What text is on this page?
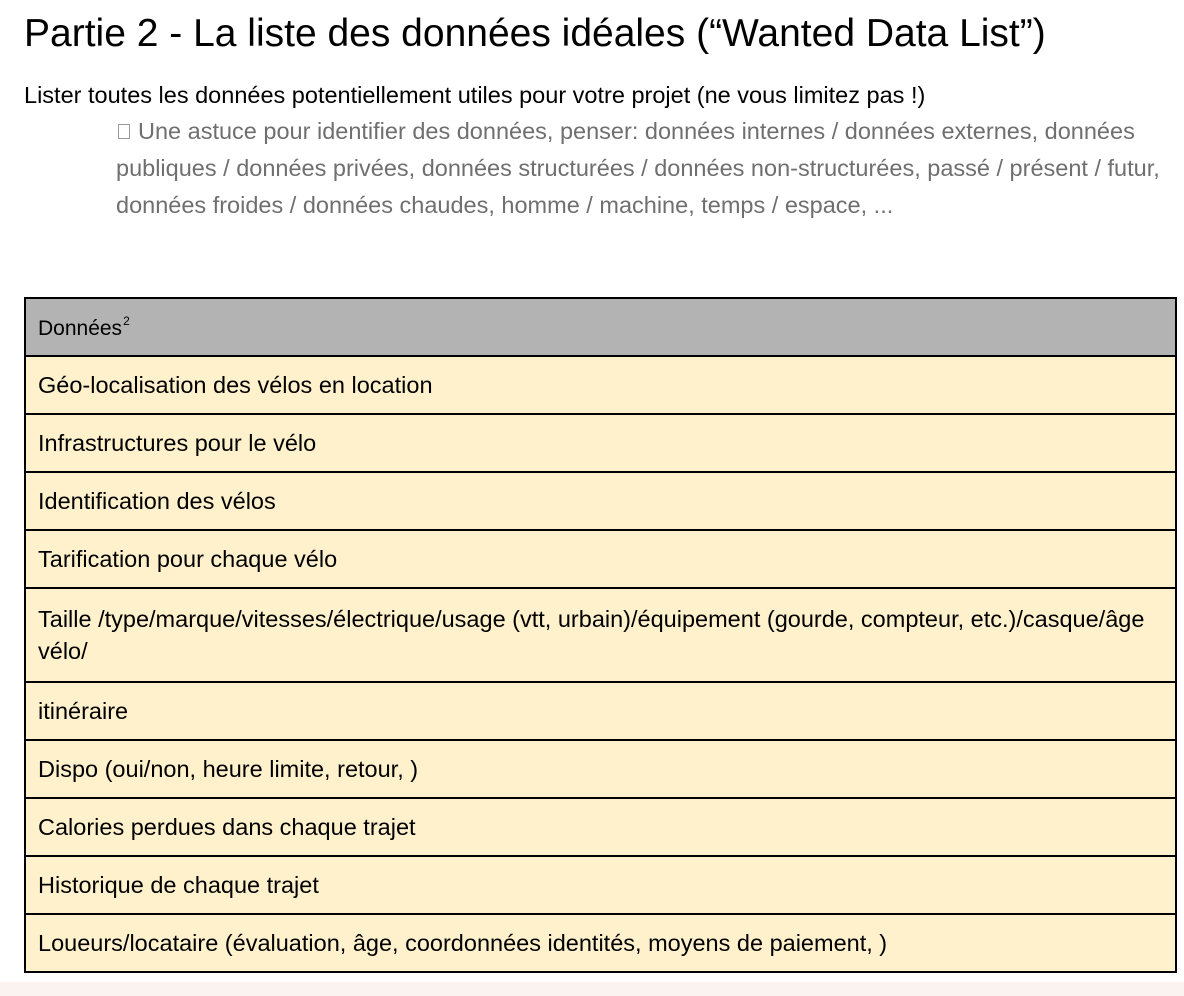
Partie 2 - La liste des données idéales (“Wanted Data List”)

Lister toutes les données potentiellement utiles pour votre projet (ne vous limitez pas !)

Une astuce pour identifier des données, penser: données internes / données externes, données publiques / données privées, données structurées / données non-structurées, passé / présent / futur, données froides / données chaudes, homme / machine, temps / espace, ...

Données$^2$
Géo-localisation des vélos en location
Infrastructures pour le vélo
Identification des vélos
Tarification pour chaque vélo
Taille /type/marque/vitesses/électrique/usage (vtt, urbain)/équipement (gourde, compteur, etc.)/casque/âge vélo/
itinéraire
Dispo (oui/non, heure limite, retour, )
Calories perdues dans chaque trajet
Historique de chaque trajet
Loueurs/locataire (évaluation, âge, coordonnées identités, moyens de paiement, )
